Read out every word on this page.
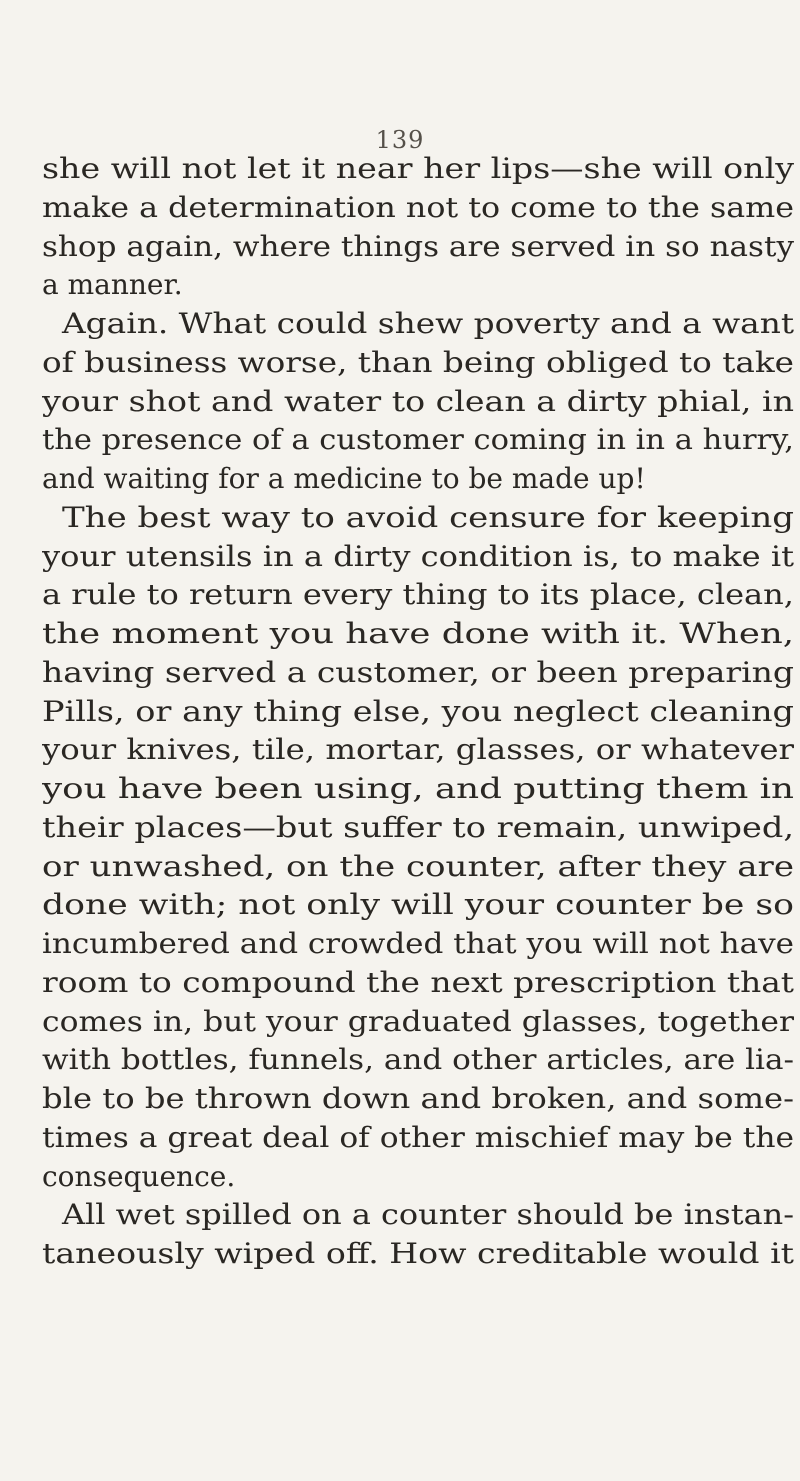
139
she will not let it near her lips—she will only
make a determination not to come to the same
shop again, where things are served in so nasty
a manner.
Again. What could shew poverty and a want
of business worse, than being obliged to take
your shot and water to clean a dirty phial, in
the presence of a customer coming in in a hurry,
and waiting for a medicine to be made up!
The best way to avoid censure for keeping
your utensils in a dirty condition is, to make it
a rule to return every thing to its place, clean,
the moment you have done with it. When,
having served a customer, or been preparing
Pills, or any thing else, you neglect cleaning
your knives, tile, mortar, glasses, or whatever
you have been using, and putting them in
their places—but suffer to remain, unwiped,
or unwashed, on the counter, after they are
done with; not only will your counter be so
incumbered and crowded that you will not have
room to compound the next prescription that
comes in, but your graduated glasses, together
with bottles, funnels, and other articles, are lia-
ble to be thrown down and broken, and some-
times a great deal of other mischief may be the
consequence.
All wet spilled on a counter should be instan-
taneously wiped off. How creditable would it
